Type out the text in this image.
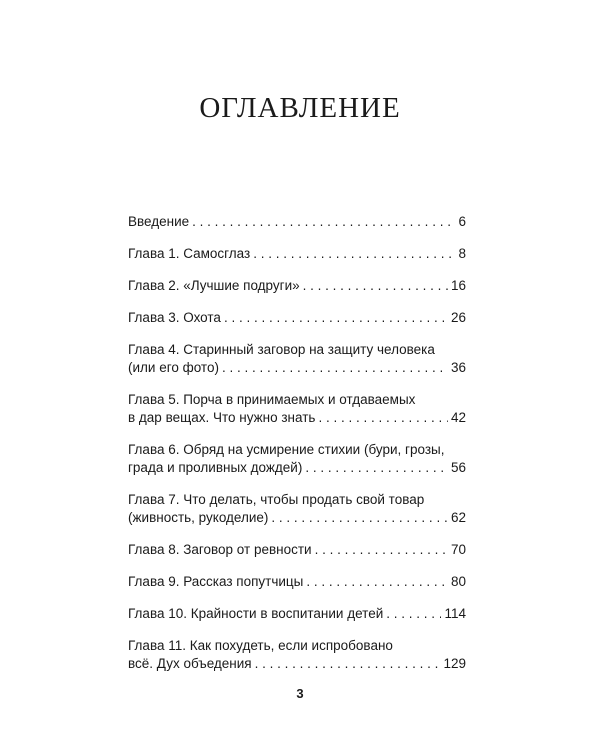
ОГЛАВЛЕНИЕ
Введение . . .	6
Глава 1. Самосглаз . . .	8
Глава 2. «Лучшие подруги» . . .	16
Глава 3. Охота . . .	26
Глава 4. Старинный заговор на защиту человека
(или его фото) . . .	36
Глава 5. Порча в принимаемых и отдаваемых
в дар вещах. Что нужно знать . . .	42
Глава 6. Обряд на усмирение стихии (бури, грозы,
града и проливных дождей) . . .	56
Глава 7. Что делать, чтобы продать свой товар
(живность, рукоделие) . . .	62
Глава 8. Заговор от ревности . . .	70
Глава 9. Рассказ попутчицы . . .	80
Глава 10. Крайности в воспитании детей . . .	114
Глава 11. Как похудеть, если испробовано
всё. Дух объедения . . .	129
3
